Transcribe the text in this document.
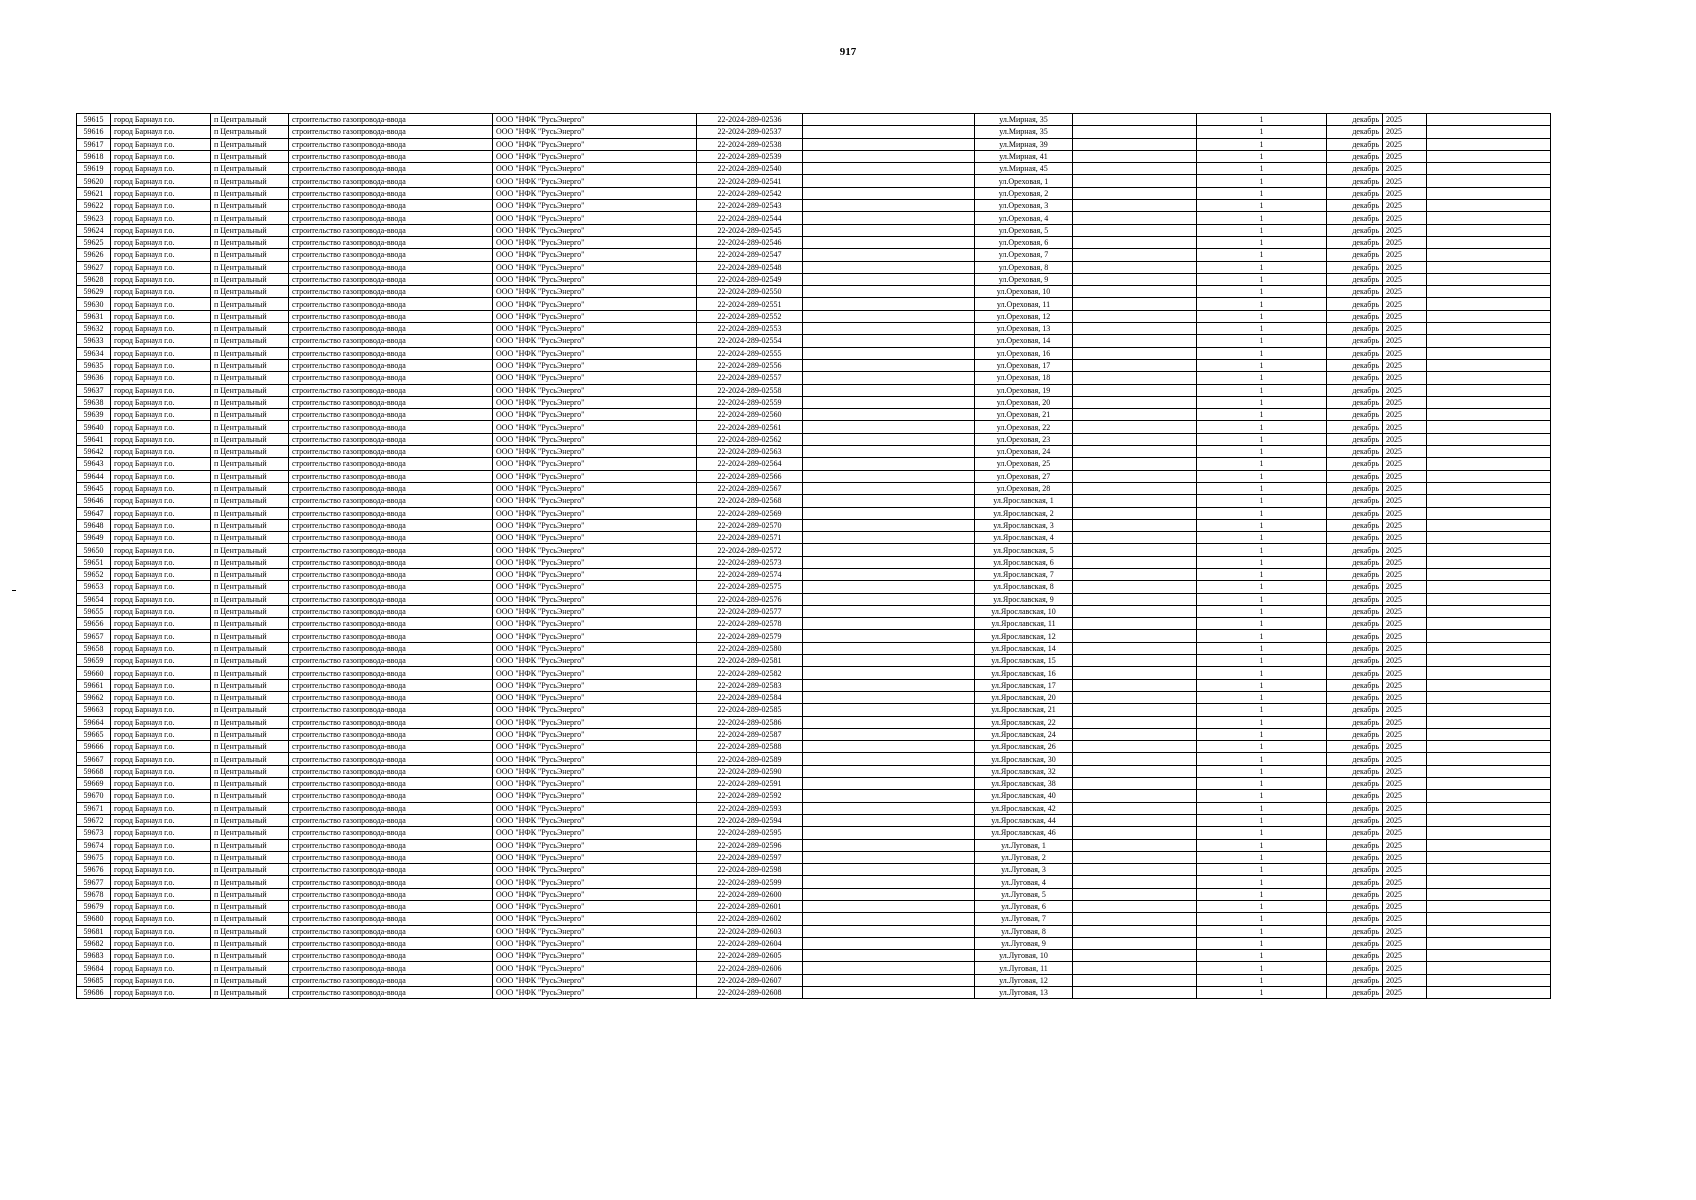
917
59615	город Барнаул г.о.	п Центральный	строительство газопровода-ввода	ООО "НФК "РусьЭнерго"	22-2024-289-02536		ул.Мирная, 35		1	декабрь	2025	
59616	город Барнаул г.о.	п Центральный	строительство газопровода-ввода	ООО "НФК "РусьЭнерго"	22-2024-289-02537		ул.Мирная, 35		1	декабрь	2025	
59617	город Барнаул г.о.	п Центральный	строительство газопровода-ввода	ООО "НФК "РусьЭнерго"	22-2024-289-02538		ул.Мирная, 39		1	декабрь	2025	
59618	город Барнаул г.о.	п Центральный	строительство газопровода-ввода	ООО "НФК "РусьЭнерго"	22-2024-289-02539		ул.Мирная, 41		1	декабрь	2025	
59619	город Барнаул г.о.	п Центральный	строительство газопровода-ввода	ООО "НФК "РусьЭнерго"	22-2024-289-02540		ул.Мирная, 45		1	декабрь	2025	
59620	город Барнаул г.о.	п Центральный	строительство газопровода-ввода	ООО "НФК "РусьЭнерго"	22-2024-289-02541		ул.Ореховая, 1		1	декабрь	2025	
59621	город Барнаул г.о.	п Центральный	строительство газопровода-ввода	ООО "НФК "РусьЭнерго"	22-2024-289-02542		ул.Ореховая, 2		1	декабрь	2025	
59622	город Барнаул г.о.	п Центральный	строительство газопровода-ввода	ООО "НФК "РусьЭнерго"	22-2024-289-02543		ул.Ореховая, 3		1	декабрь	2025	
59623	город Барнаул г.о.	п Центральный	строительство газопровода-ввода	ООО "НФК "РусьЭнерго"	22-2024-289-02544		ул.Ореховая, 4		1	декабрь	2025	
59624	город Барнаул г.о.	п Центральный	строительство газопровода-ввода	ООО "НФК "РусьЭнерго"	22-2024-289-02545		ул.Ореховая, 5		1	декабрь	2025	
59625	город Барнаул г.о.	п Центральный	строительство газопровода-ввода	ООО "НФК "РусьЭнерго"	22-2024-289-02546		ул.Ореховая, 6		1	декабрь	2025	
59626	город Барнаул г.о.	п Центральный	строительство газопровода-ввода	ООО "НФК "РусьЭнерго"	22-2024-289-02547		ул.Ореховая, 7		1	декабрь	2025	
59627	город Барнаул г.о.	п Центральный	строительство газопровода-ввода	ООО "НФК "РусьЭнерго"	22-2024-289-02548		ул.Ореховая, 8		1	декабрь	2025	
59628	город Барнаул г.о.	п Центральный	строительство газопровода-ввода	ООО "НФК "РусьЭнерго"	22-2024-289-02549		ул.Ореховая, 9		1	декабрь	2025	
59629	город Барнаул г.о.	п Центральный	строительство газопровода-ввода	ООО "НФК "РусьЭнерго"	22-2024-289-02550		ул.Ореховая, 10		1	декабрь	2025	
59630	город Барнаул г.о.	п Центральный	строительство газопровода-ввода	ООО "НФК "РусьЭнерго"	22-2024-289-02551		ул.Ореховая, 11		1	декабрь	2025	
59631	город Барнаул г.о.	п Центральный	строительство газопровода-ввода	ООО "НФК "РусьЭнерго"	22-2024-289-02552		ул.Ореховая, 12		1	декабрь	2025	
59632	город Барнаул г.о.	п Центральный	строительство газопровода-ввода	ООО "НФК "РусьЭнерго"	22-2024-289-02553		ул.Ореховая, 13		1	декабрь	2025	
59633	город Барнаул г.о.	п Центральный	строительство газопровода-ввода	ООО "НФК "РусьЭнерго"	22-2024-289-02554		ул.Ореховая, 14		1	декабрь	2025	
59634	город Барнаул г.о.	п Центральный	строительство газопровода-ввода	ООО "НФК "РусьЭнерго"	22-2024-289-02555		ул.Ореховая, 16		1	декабрь	2025	
59635	город Барнаул г.о.	п Центральный	строительство газопровода-ввода	ООО "НФК "РусьЭнерго"	22-2024-289-02556		ул.Ореховая, 17		1	декабрь	2025	
59636	город Барнаул г.о.	п Центральный	строительство газопровода-ввода	ООО "НФК "РусьЭнерго"	22-2024-289-02557		ул.Ореховая, 18		1	декабрь	2025	
59637	город Барнаул г.о.	п Центральный	строительство газопровода-ввода	ООО "НФК "РусьЭнерго"	22-2024-289-02558		ул.Ореховая, 19		1	декабрь	2025	
59638	город Барнаул г.о.	п Центральный	строительство газопровода-ввода	ООО "НФК "РусьЭнерго"	22-2024-289-02559		ул.Ореховая, 20		1	декабрь	2025	
59639	город Барнаул г.о.	п Центральный	строительство газопровода-ввода	ООО "НФК "РусьЭнерго"	22-2024-289-02560		ул.Ореховая, 21		1	декабрь	2025	
59640	город Барнаул г.о.	п Центральный	строительство газопровода-ввода	ООО "НФК "РусьЭнерго"	22-2024-289-02561		ул.Ореховая, 22		1	декабрь	2025	
59641	город Барнаул г.о.	п Центральный	строительство газопровода-ввода	ООО "НФК "РусьЭнерго"	22-2024-289-02562		ул.Ореховая, 23		1	декабрь	2025	
59642	город Барнаул г.о.	п Центральный	строительство газопровода-ввода	ООО "НФК "РусьЭнерго"	22-2024-289-02563		ул.Ореховая, 24		1	декабрь	2025	
59643	город Барнаул г.о.	п Центральный	строительство газопровода-ввода	ООО "НФК "РусьЭнерго"	22-2024-289-02564		ул.Ореховая, 25		1	декабрь	2025	
59644	город Барнаул г.о.	п Центральный	строительство газопровода-ввода	ООО "НФК "РусьЭнерго"	22-2024-289-02566		ул.Ореховая, 27		1	декабрь	2025	
59645	город Барнаул г.о.	п Центральный	строительство газопровода-ввода	ООО "НФК "РусьЭнерго"	22-2024-289-02567		ул.Ореховая, 28		1	декабрь	2025	
59646	город Барнаул г.о.	п Центральный	строительство газопровода-ввода	ООО "НФК "РусьЭнерго"	22-2024-289-02568		ул.Ярославская, 1		1	декабрь	2025	
59647	город Барнаул г.о.	п Центральный	строительство газопровода-ввода	ООО "НФК "РусьЭнерго"	22-2024-289-02569		ул.Ярославская, 2		1	декабрь	2025	
59648	город Барнаул г.о.	п Центральный	строительство газопровода-ввода	ООО "НФК "РусьЭнерго"	22-2024-289-02570		ул.Ярославская, 3		1	декабрь	2025	
59649	город Барнаул г.о.	п Центральный	строительство газопровода-ввода	ООО "НФК "РусьЭнерго"	22-2024-289-02571		ул.Ярославская, 4		1	декабрь	2025	
59650	город Барнаул г.о.	п Центральный	строительство газопровода-ввода	ООО "НФК "РусьЭнерго"	22-2024-289-02572		ул.Ярославская, 5		1	декабрь	2025	
59651	город Барнаул г.о.	п Центральный	строительство газопровода-ввода	ООО "НФК "РусьЭнерго"	22-2024-289-02573		ул.Ярославская, 6		1	декабрь	2025	
59652	город Барнаул г.о.	п Центральный	строительство газопровода-ввода	ООО "НФК "РусьЭнерго"	22-2024-289-02574		ул.Ярославская, 7		1	декабрь	2025	
59653	город Барнаул г.о.	п Центральный	строительство газопровода-ввода	ООО "НФК "РусьЭнерго"	22-2024-289-02575		ул.Ярославская, 8		1	декабрь	2025	
59654	город Барнаул г.о.	п Центральный	строительство газопровода-ввода	ООО "НФК "РусьЭнерго"	22-2024-289-02576		ул.Ярославская, 9		1	декабрь	2025	
59655	город Барнаул г.о.	п Центральный	строительство газопровода-ввода	ООО "НФК "РусьЭнерго"	22-2024-289-02577		ул.Ярославская, 10		1	декабрь	2025	
59656	город Барнаул г.о.	п Центральный	строительство газопровода-ввода	ООО "НФК "РусьЭнерго"	22-2024-289-02578		ул.Ярославская, 11		1	декабрь	2025	
59657	город Барнаул г.о.	п Центральный	строительство газопровода-ввода	ООО "НФК "РусьЭнерго"	22-2024-289-02579		ул.Ярославская, 12		1	декабрь	2025	
59658	город Барнаул г.о.	п Центральный	строительство газопровода-ввода	ООО "НФК "РусьЭнерго"	22-2024-289-02580		ул.Ярославская, 14		1	декабрь	2025	
59659	город Барнаул г.о.	п Центральный	строительство газопровода-ввода	ООО "НФК "РусьЭнерго"	22-2024-289-02581		ул.Ярославская, 15		1	декабрь	2025	
59660	город Барнаул г.о.	п Центральный	строительство газопровода-ввода	ООО "НФК "РусьЭнерго"	22-2024-289-02582		ул.Ярославская, 16		1	декабрь	2025	
59661	город Барнаул г.о.	п Центральный	строительство газопровода-ввода	ООО "НФК "РусьЭнерго"	22-2024-289-02583		ул.Ярославская, 17		1	декабрь	2025	
59662	город Барнаул г.о.	п Центральный	строительство газопровода-ввода	ООО "НФК "РусьЭнерго"	22-2024-289-02584		ул.Ярославская, 20		1	декабрь	2025	
59663	город Барнаул г.о.	п Центральный	строительство газопровода-ввода	ООО "НФК "РусьЭнерго"	22-2024-289-02585		ул.Ярославская, 21		1	декабрь	2025	
59664	город Барнаул г.о.	п Центральный	строительство газопровода-ввода	ООО "НФК "РусьЭнерго"	22-2024-289-02586		ул.Ярославская, 22		1	декабрь	2025	
59665	город Барнаул г.о.	п Центральный	строительство газопровода-ввода	ООО "НФК "РусьЭнерго"	22-2024-289-02587		ул.Ярославская, 24		1	декабрь	2025	
59666	город Барнаул г.о.	п Центральный	строительство газопровода-ввода	ООО "НФК "РусьЭнерго"	22-2024-289-02588		ул.Ярославская, 26		1	декабрь	2025	
59667	город Барнаул г.о.	п Центральный	строительство газопровода-ввода	ООО "НФК "РусьЭнерго"	22-2024-289-02589		ул.Ярославская, 30		1	декабрь	2025	
59668	город Барнаул г.о.	п Центральный	строительство газопровода-ввода	ООО "НФК "РусьЭнерго"	22-2024-289-02590		ул.Ярославская, 32		1	декабрь	2025	
59669	город Барнаул г.о.	п Центральный	строительство газопровода-ввода	ООО "НФК "РусьЭнерго"	22-2024-289-02591		ул.Ярославская, 38		1	декабрь	2025	
59670	город Барнаул г.о.	п Центральный	строительство газопровода-ввода	ООО "НФК "РусьЭнерго"	22-2024-289-02592		ул.Ярославская, 40		1	декабрь	2025	
59671	город Барнаул г.о.	п Центральный	строительство газопровода-ввода	ООО "НФК "РусьЭнерго"	22-2024-289-02593		ул.Ярославская, 42		1	декабрь	2025	
59672	город Барнаул г.о.	п Центральный	строительство газопровода-ввода	ООО "НФК "РусьЭнерго"	22-2024-289-02594		ул.Ярославская, 44		1	декабрь	2025	
59673	город Барнаул г.о.	п Центральный	строительство газопровода-ввода	ООО "НФК "РусьЭнерго"	22-2024-289-02595		ул.Ярославская, 46		1	декабрь	2025	
59674	город Барнаул г.о.	п Центральный	строительство газопровода-ввода	ООО "НФК "РусьЭнерго"	22-2024-289-02596		ул.Луговая, 1		1	декабрь	2025	
59675	город Барнаул г.о.	п Центральный	строительство газопровода-ввода	ООО "НФК "РусьЭнерго"	22-2024-289-02597		ул.Луговая, 2		1	декабрь	2025	
59676	город Барнаул г.о.	п Центральный	строительство газопровода-ввода	ООО "НФК "РусьЭнерго"	22-2024-289-02598		ул.Луговая, 3		1	декабрь	2025	
59677	город Барнаул г.о.	п Центральный	строительство газопровода-ввода	ООО "НФК "РусьЭнерго"	22-2024-289-02599		ул.Луговая, 4		1	декабрь	2025	
59678	город Барнаул г.о.	п Центральный	строительство газопровода-ввода	ООО "НФК "РусьЭнерго"	22-2024-289-02600		ул.Луговая, 5		1	декабрь	2025	
59679	город Барнаул г.о.	п Центральный	строительство газопровода-ввода	ООО "НФК "РусьЭнерго"	22-2024-289-02601		ул.Луговая, 6		1	декабрь	2025	
59680	город Барнаул г.о.	п Центральный	строительство газопровода-ввода	ООО "НФК "РусьЭнерго"	22-2024-289-02602		ул.Луговая, 7		1	декабрь	2025	
59681	город Барнаул г.о.	п Центральный	строительство газопровода-ввода	ООО "НФК "РусьЭнерго"	22-2024-289-02603		ул.Луговая, 8		1	декабрь	2025	
59682	город Барнаул г.о.	п Центральный	строительство газопровода-ввода	ООО "НФК "РусьЭнерго"	22-2024-289-02604		ул.Луговая, 9		1	декабрь	2025	
59683	город Барнаул г.о.	п Центральный	строительство газопровода-ввода	ООО "НФК "РусьЭнерго"	22-2024-289-02605		ул.Луговая, 10		1	декабрь	2025	
59684	город Барнаул г.о.	п Центральный	строительство газопровода-ввода	ООО "НФК "РусьЭнерго"	22-2024-289-02606		ул.Луговая, 11		1	декабрь	2025	
59685	город Барнаул г.о.	п Центральный	строительство газопровода-ввода	ООО "НФК "РусьЭнерго"	22-2024-289-02607		ул.Луговая, 12		1	декабрь	2025	
59686	город Барнаул г.о.	п Центральный	строительство газопровода-ввода	ООО "НФК "РусьЭнерго"	22-2024-289-02608		ул.Луговая, 13		1	декабрь	2025	
